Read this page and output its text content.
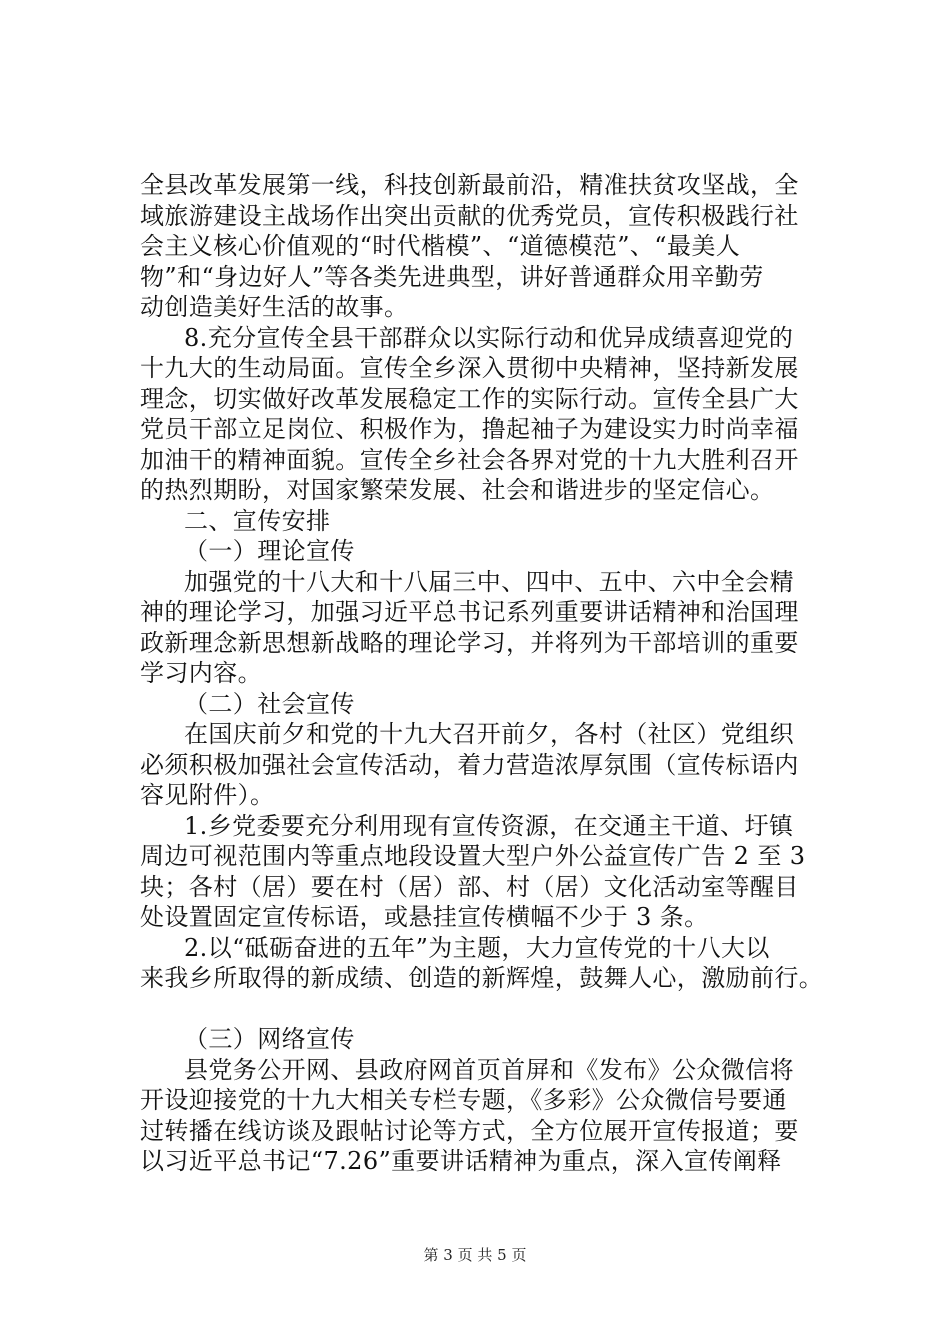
全县改革发展第一线，科技创新最前沿，精准扶贫攻坚战，全
域旅游建设主战场作出突出贡献的优秀党员，宣传积极践行社
会主义核心价值观的“时代楷模”、“道德模范”、“最美人
物”和“身边好人”等各类先进典型，讲好普通群众用辛勤劳
动创造美好生活的故事。
8.充分宣传全县干部群众以实际行动和优异成绩喜迎党的
十九大的生动局面。宣传全乡深入贯彻中央精神，坚持新发展
理念，切实做好改革发展稳定工作的实际行动。宣传全县广大
党员干部立足岗位、积极作为，撸起袖子为建设实力时尚幸福
加油干的精神面貌。宣传全乡社会各界对党的十九大胜利召开
的热烈期盼，对国家繁荣发展、社会和谐进步的坚定信心。
二、宣传安排
（一）理论宣传
加强党的十八大和十八届三中、四中、五中、六中全会精
神的理论学习，加强习近平总书记系列重要讲话精神和治国理
政新理念新思想新战略的理论学习，并将列为干部培训的重要
学习内容。
（二）社会宣传
在国庆前夕和党的十九大召开前夕，各村（社区）党组织
必须积极加强社会宣传活动，着力营造浓厚氛围（宣传标语内
容见附件）。
1.乡党委要充分利用现有宣传资源，在交通主干道、圩镇
周边可视范围内等重点地段设置大型户外公益宣传广告 2 至 3
块；各村（居）要在村（居）部、村（居）文化活动室等醒目
处设置固定宣传标语，或悬挂宣传横幅不少于 3 条。
2.以“砥砺奋进的五年”为主题，大力宣传党的十八大以
来我乡所取得的新成绩、创造的新辉煌，鼓舞人心，激励前行。
（三）网络宣传
县党务公开网、县政府网首页首屏和《发布》公众微信将
开设迎接党的十九大相关专栏专题，《多彩》公众微信号要通
过转播在线访谈及跟帖讨论等方式，全方位展开宣传报道；要
以习近平总书记“7.26”重要讲话精神为重点，深入宣传阐释
第 3 页 共 5 页
